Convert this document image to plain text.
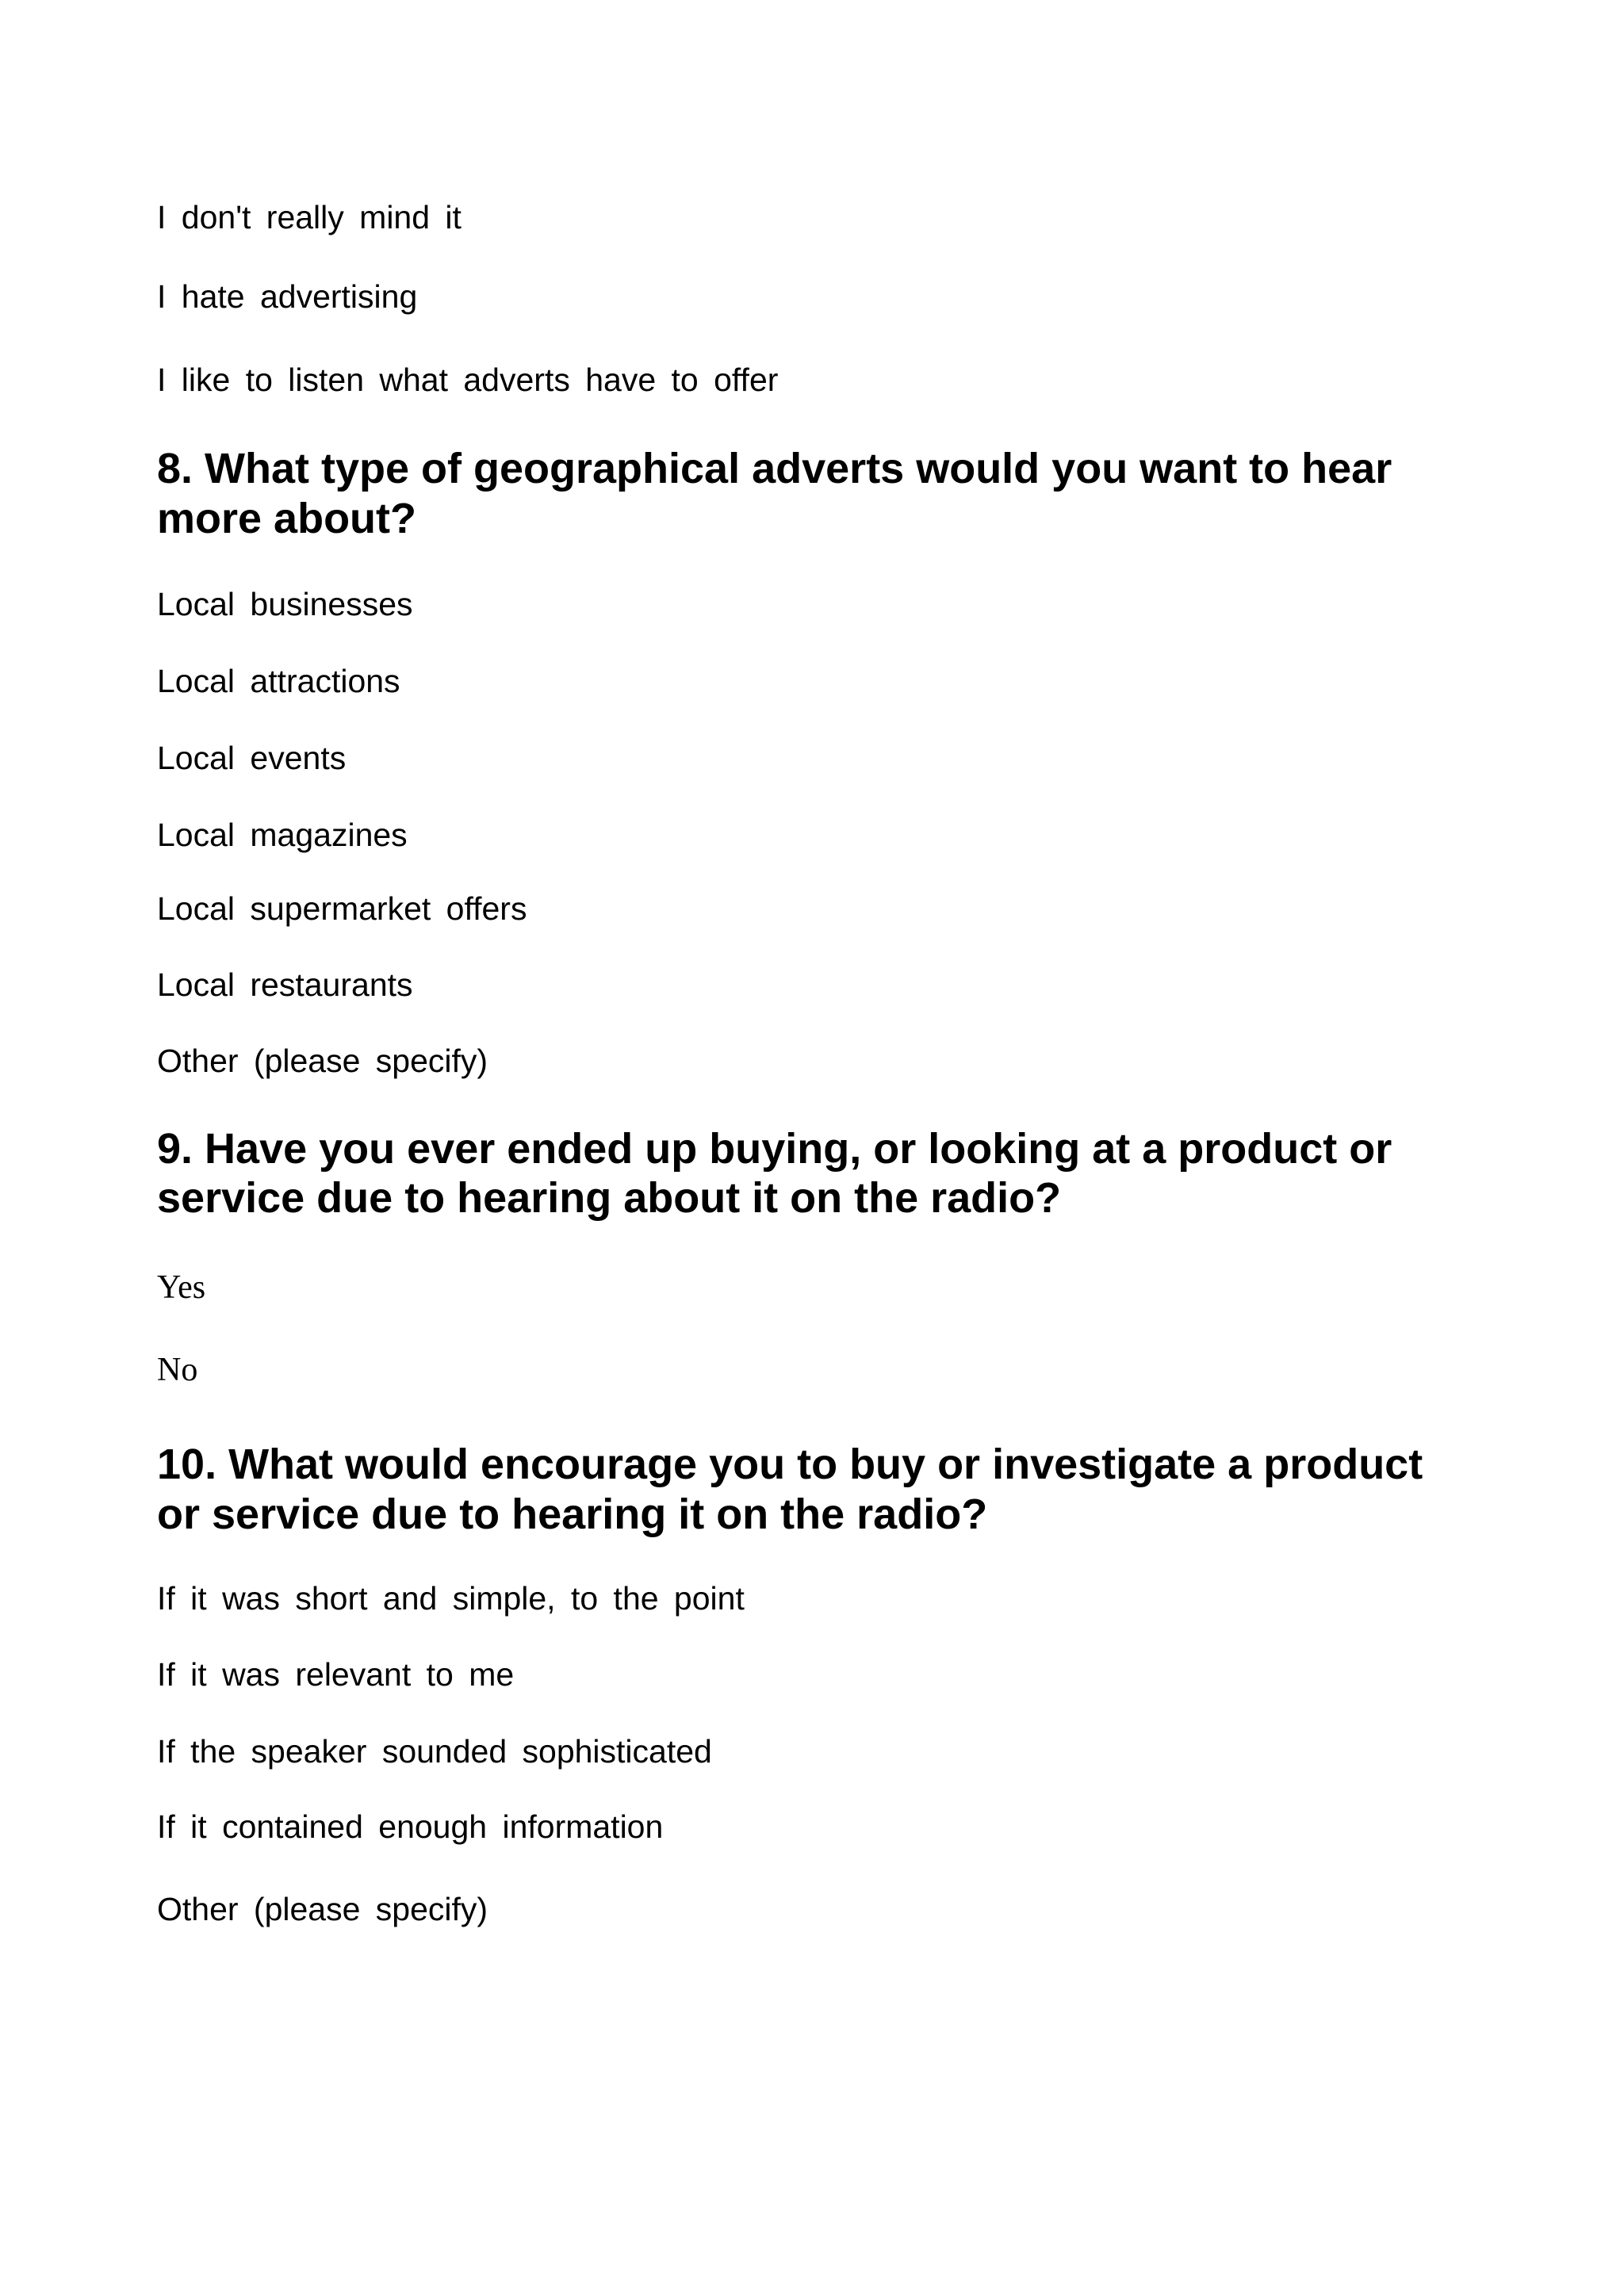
I don't really mind it

I hate advertising

I like to listen what adverts have to offer

8. What type of geographical adverts would you want to hear
more about?

Local businesses

Local attractions

Local events

Local magazines

Local supermarket offers

Local restaurants

Other (please specify)

9. Have you ever ended up buying, or looking at a product or
service due to hearing about it on the radio?

Yes

No

10. What would encourage you to buy or investigate a product
or service due to hearing it on the radio?

If it was short and simple, to the point

If it was relevant to me

If the speaker sounded sophisticated

If it contained enough information

Other (please specify)
